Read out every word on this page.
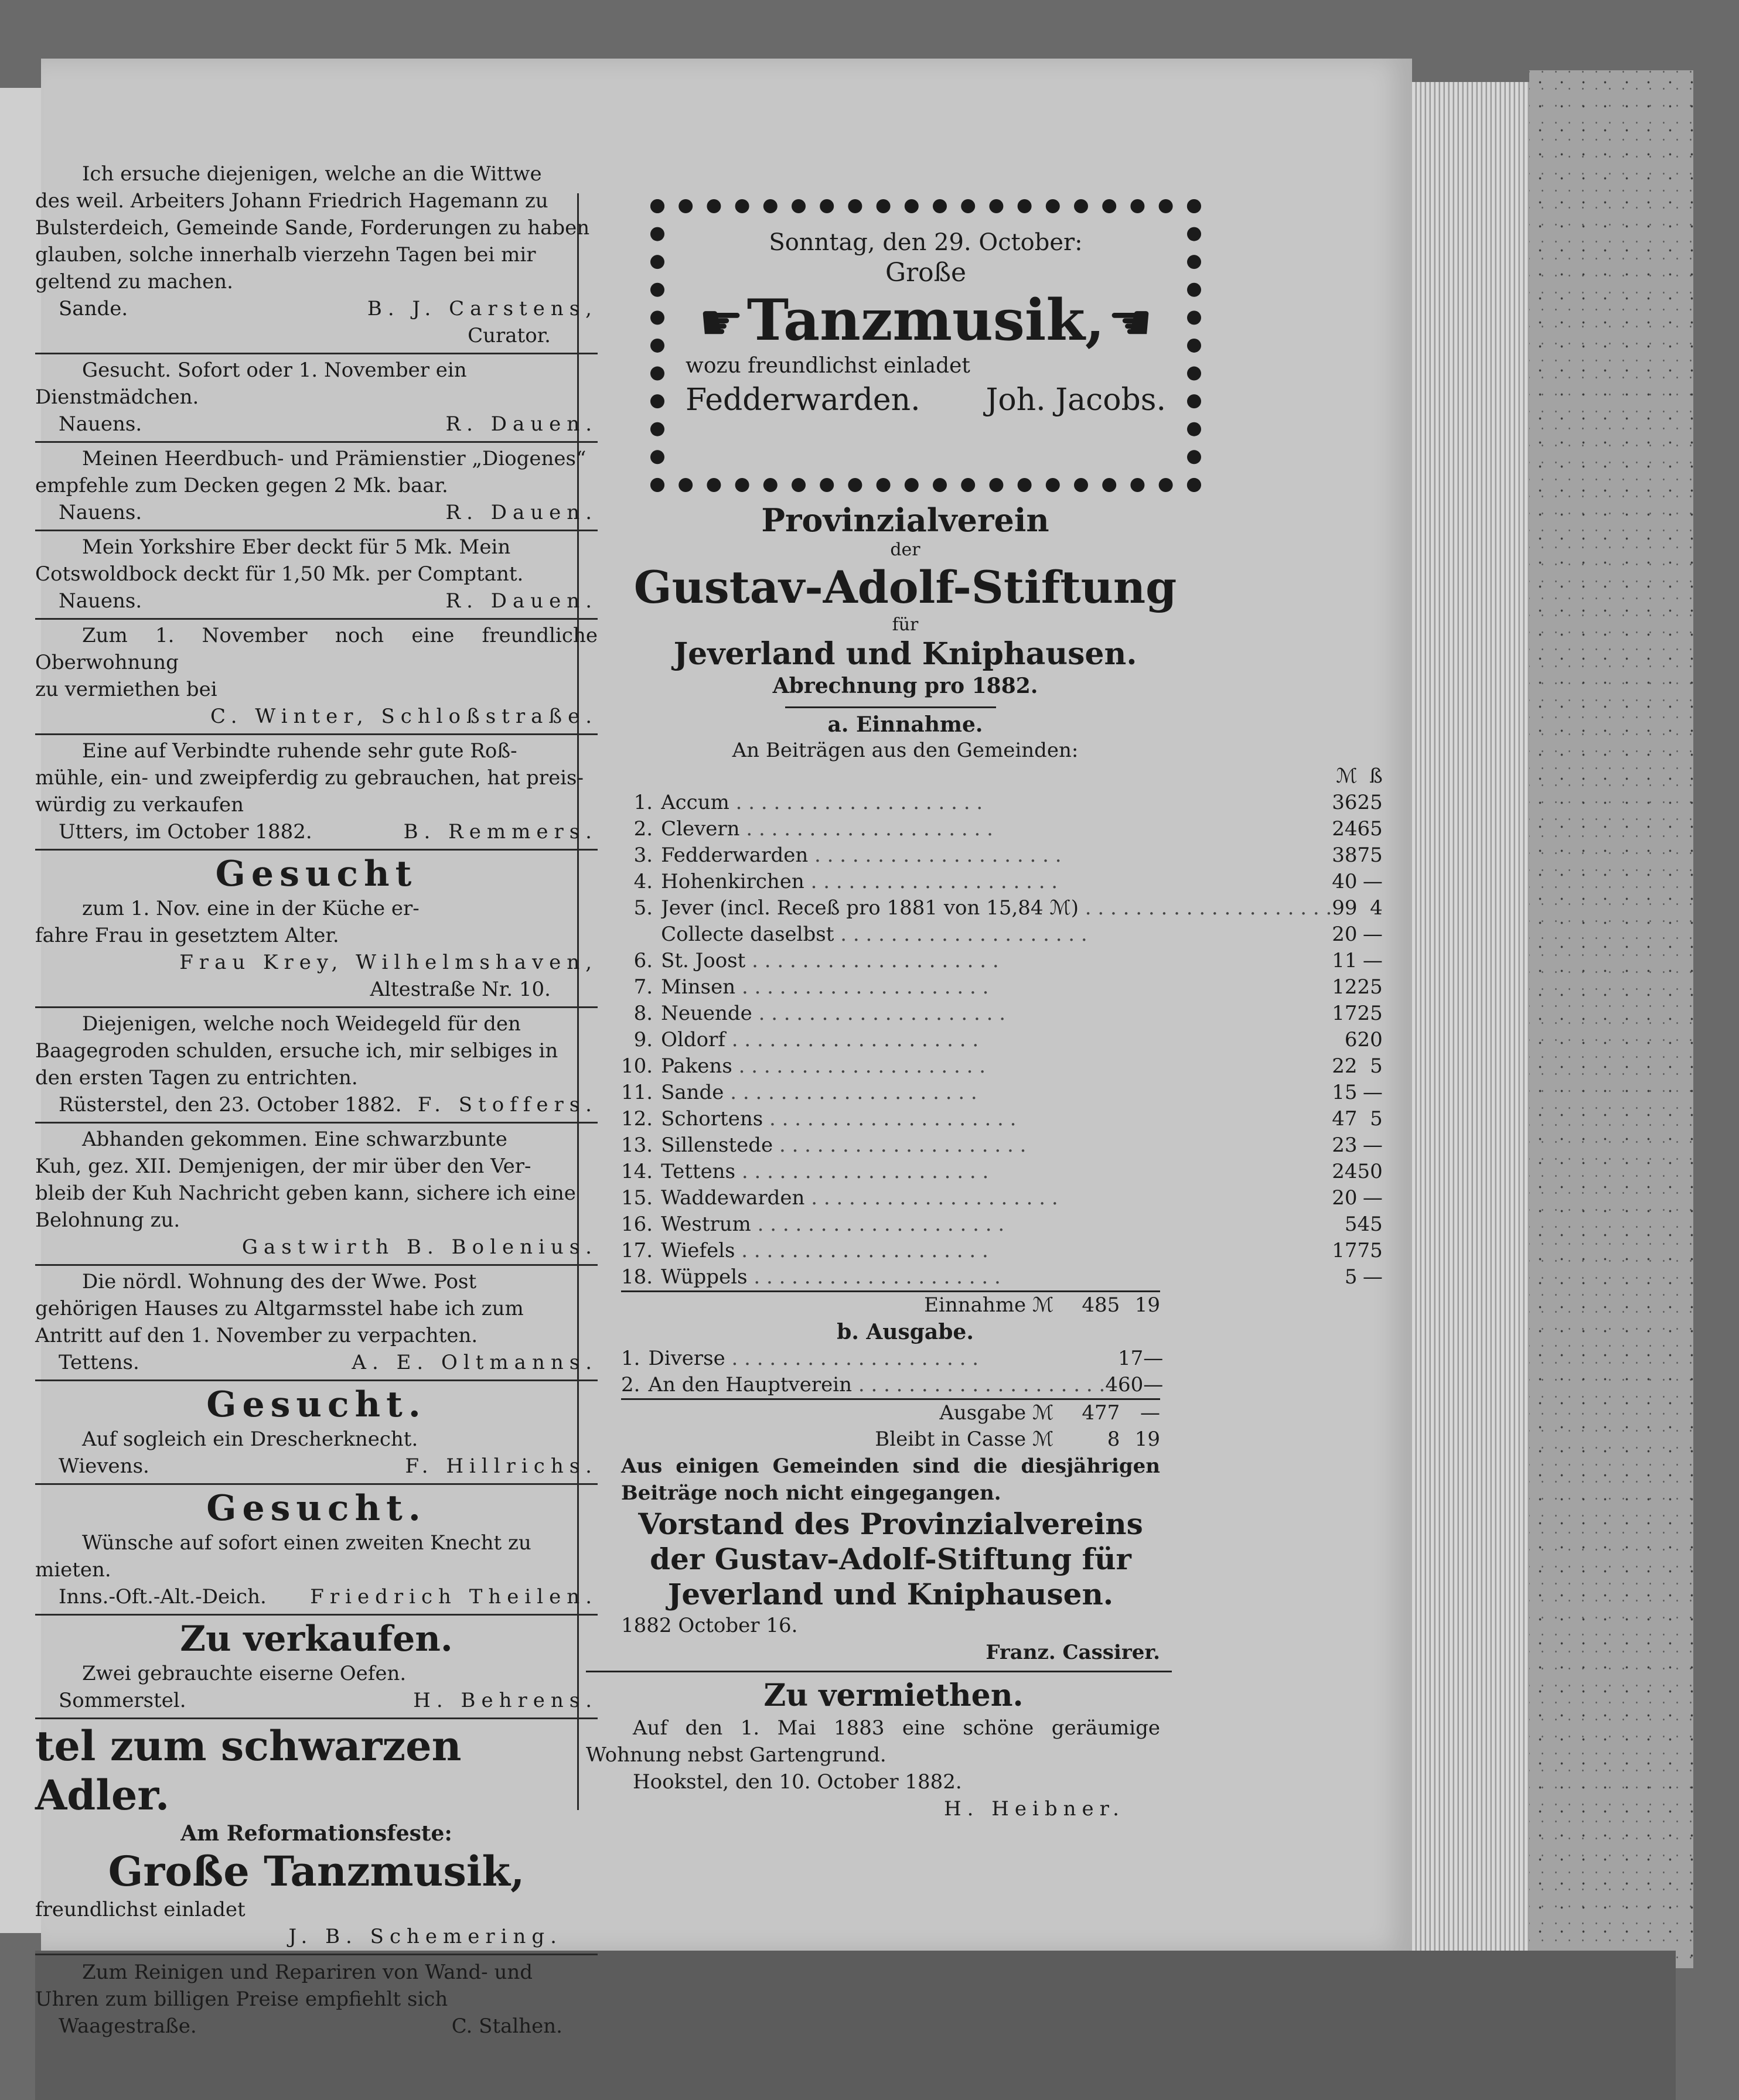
Ich ersuche diejenigen, welche an die Wittwe

des weil. Arbeiters Johann Friedrich Hagemann zu

Bulsterdeich, Gemeinde Sande, Forderungen zu haben

glauben, solche innerhalb vierzehn Tagen bei mir

geltend zu machen.

Sande.	B. J. Carstens,

Curator.

Gesucht. Sofort oder 1. November ein

Dienstmädchen.

Nauens.	R. Dauen.

Meinen Heerdbuch- und Prämienstier „Diogenes“

empfehle zum Decken gegen 2 Mk. baar.

Nauens.	R. Dauen.

Mein Yorkshire Eber deckt für 5 Mk. Mein

Cotswoldbock deckt für 1,50 Mk. per Comptant.

Nauens.	R. Dauen.

Zum 1. November noch eine freundliche Oberwohnung

zu vermiethen bei

C. Winter, Schloßstraße.

Eine auf Verbindte ruhende sehr gute Roß-

mühle, ein- und zweipferdig zu gebrauchen, hat preis-

würdig zu verkaufen

Utters, im October 1882.	B. Remmers.

Gesucht

zum 1. Nov. eine in der Küche er-

fahre Frau in gesetztem Alter.

Frau Krey, Wilhelmshaven,

Altestraße Nr. 10.

Diejenigen, welche noch Weidegeld für den

Baagegroden schulden, ersuche ich, mir selbiges in

den ersten Tagen zu entrichten.

Rüsterstel, den 23. October 1882. F. Stoffers.

Abhanden gekommen. Eine schwarzbunte

Kuh, gez. XII. Demjenigen, der mir über den Ver-

bleib der Kuh Nachricht geben kann, sichere ich eine

Belohnung zu.

Gastwirth B. Bolenius.

Die nördl. Wohnung des der Wwe. Post

gehörigen Hauses zu Altgarmsstel habe ich zum

Antritt auf den 1. November zu verpachten.

Tettens.	A. E. Oltmanns.

Gesucht.

Auf sogleich ein Drescherknecht.

Wievens.	F. Hillrichs.

Gesucht.

Wünsche auf sofort einen zweiten Knecht zu

mieten.

Inns.-Oft.-Alt.-Deich. Friedrich Theilen.

Zu verkaufen.

Zwei gebrauchte eiserne Oefen.

Sommerstel.	H. Behrens.

tel zum schwarzen Adler.

Am Reformationsfeste:

Große Tanzmusik,

freundlichst einladet

J. B. Schemering.

Zum Reinigen und Repariren von Wand- und

Uhren zum billigen Preise empfiehlt sich

Waagestraße.	C. Stalhen.

Sonntag, den 29. October:

Große

☛ Tanzmusik, ☚

wozu freundlichst einladet

Fedderwarden. Joh. Jacobs.

Provinzialverein

der

Gustav-Adolf-Stiftung

für

Jeverland und Kniphausen.

Abrechnung pro 1882.

a. Einnahme.

An Beiträgen aus den Gemeinden:

		ℳ	ß
1.	Accum . . . . . . . . . . . . . . . . . . . .	36	25
2.	Clevern . . . . . . . . . . . . . . . . . . . .	24	65
3.	Fedderwarden . . . . . . . . . . . . . . . . . . . .	38	75
4.	Hohenkirchen . . . . . . . . . . . . . . . . . . . .	40	—
5.	Jever (incl. Receß pro 1881 von 15,84 ℳ) . . . . . . . . . . . . . . . . . . . .	99	4
	Collecte daselbst . . . . . . . . . . . . . . . . . . . .	20	—
6.	St. Joost . . . . . . . . . . . . . . . . . . . .	11	—
7.	Minsen . . . . . . . . . . . . . . . . . . . .	12	25
8.	Neuende . . . . . . . . . . . . . . . . . . . .	17	25
9.	Oldorf . . . . . . . . . . . . . . . . . . . .	6	20
10.	Pakens . . . . . . . . . . . . . . . . . . . .	22	5
11.	Sande . . . . . . . . . . . . . . . . . . . .	15	—
12.	Schortens . . . . . . . . . . . . . . . . . . . .	47	5
13.	Sillenstede . . . . . . . . . . . . . . . . . . . .	23	—
14.	Tettens . . . . . . . . . . . . . . . . . . . .	24	50
15.	Waddewarden . . . . . . . . . . . . . . . . . . . .	20	—
16.	Westrum . . . . . . . . . . . . . . . . . . . .	5	45
17.	Wiefels . . . . . . . . . . . . . . . . . . . .	17	75
18.	Wüppels . . . . . . . . . . . . . . . . . . . .	5	—
	Einnahme ℳ	485	19

b. Ausgabe.

1.	Diverse . . . . . . . . . . . . . . . . . . . .	17	—
2.	An den Hauptverein . . . . . . . . . . . . . . . . . . . .	460	—
	Ausgabe ℳ	477	—
	Bleibt in Casse ℳ	8	19

Aus einigen Gemeinden sind die diesjährigen Beiträge noch nicht eingegangen.

Vorstand des Provinzialvereins der Gustav-Adolf-Stiftung für Jeverland und Kniphausen.

1882 October 16.

Franz. Cassirer.

Zu vermiethen.

Auf den 1. Mai 1883 eine schöne geräumige Wohnung nebst Gartengrund.

Hookstel, den 10. October 1882.

H. Heibner.
